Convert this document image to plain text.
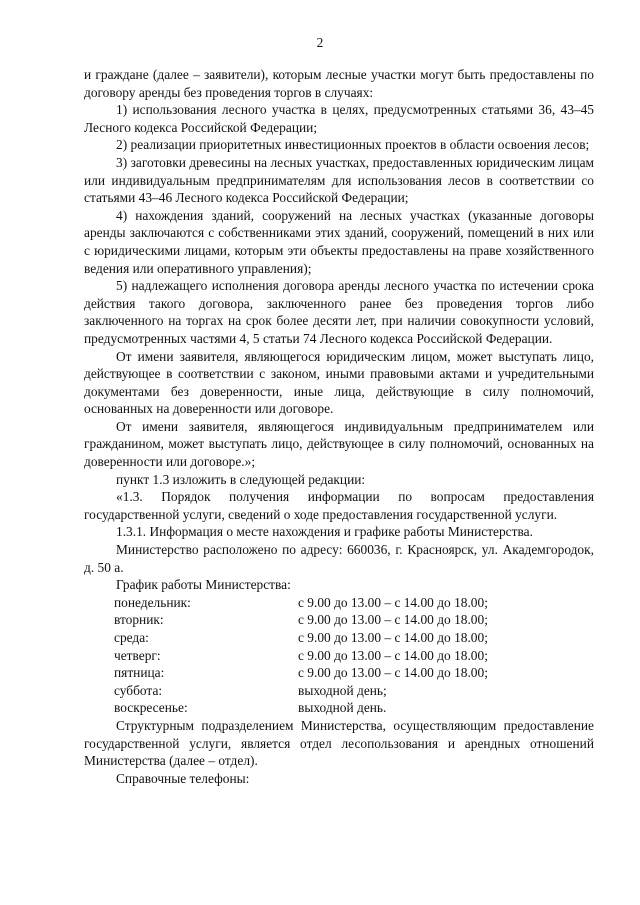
2

и граждане (далее – заявители), которым лесные участки могут быть предоставлены по договору аренды без проведения торгов в случаях:

1) использования лесного участка в целях, предусмотренных статьями 36, 43–45 Лесного кодекса Российской Федерации;

2) реализации приоритетных инвестиционных проектов в области освоения лесов;

3) заготовки древесины на лесных участках, предоставленных юридическим лицам или индивидуальным предпринимателям для использования лесов в соответствии со статьями 43–46 Лесного кодекса Российской Федерации;

4) нахождения зданий, сооружений на лесных участках (указанные договоры аренды заключаются с собственниками этих зданий, сооружений, помещений в них или с юридическими лицами, которым эти объекты предоставлены на праве хозяйственного ведения или оперативного управления);

5) надлежащего исполнения договора аренды лесного участка по истечении срока действия такого договора, заключенного ранее без проведения торгов либо заключенного на торгах на срок более десяти лет, при наличии совокупности условий, предусмотренных частями 4, 5 статьи 74 Лесного кодекса Российской Федерации.

От имени заявителя, являющегося юридическим лицом, может выступать лицо, действующее в соответствии с законом, иными правовыми актами и учредительными документами без доверенности, иные лица, действующие в силу полномочий, основанных на доверенности или договоре.

От имени заявителя, являющегося индивидуальным предпринимателем или гражданином, может выступать лицо, действующее в силу полномочий, основанных на доверенности или договоре.»;

пункт 1.3 изложить в следующей редакции:

«1.3. Порядок получения информации по вопросам предоставления государственной услуги, сведений о ходе предоставления государственной услуги.

1.3.1. Информация о месте нахождения и графике работы Министерства.

Министерство расположено по адресу: 660036, г. Красноярск, ул. Академгородок, д. 50 а.

График работы Министерства:

понедельник:	с 9.00 до 13.00 – с 14.00 до 18.00;
вторник:	с 9.00 до 13.00 – с 14.00 до 18.00;
среда:	с 9.00 до 13.00 – с 14.00 до 18.00;
четверг:	с 9.00 до 13.00 – с 14.00 до 18.00;
пятница:	с 9.00 до 13.00 – с 14.00 до 18.00;
суббота:	выходной день;
воскресенье:	выходной день.

Структурным подразделением Министерства, осуществляющим предоставление государственной услуги, является отдел лесопользования и арендных отношений Министерства (далее – отдел).

Справочные телефоны:
